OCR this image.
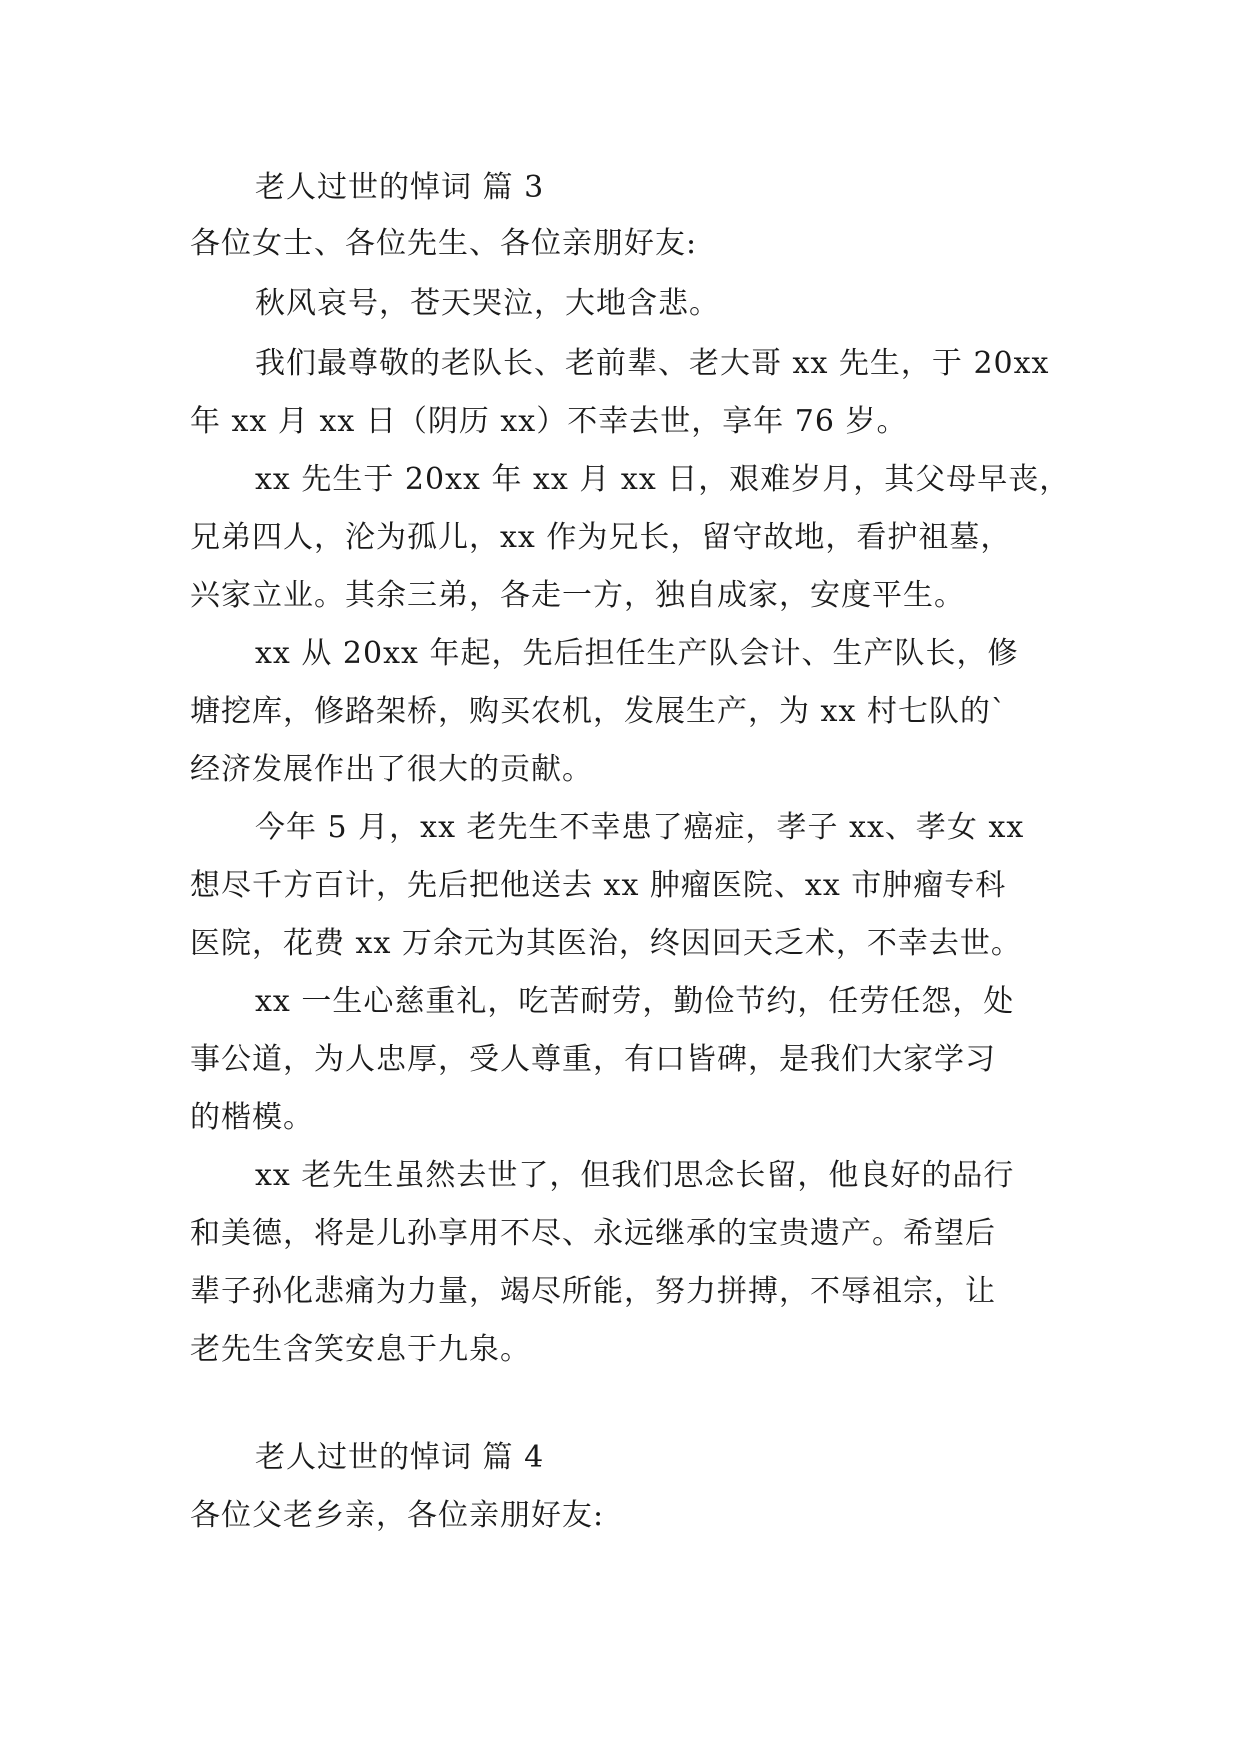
老人过世的悼词 篇 3
各位女士、各位先生、各位亲朋好友:
秋风哀号，苍天哭泣，大地含悲。
我们最尊敬的老队长、老前辈、老大哥 xx 先生，于 20xx
年 xx 月 xx 日（阴历 xx）不幸去世，享年 76 岁。
xx 先生于 20xx 年 xx 月 xx 日，艰难岁月，其父母早丧，
兄弟四人，沦为孤儿，xx 作为兄长，留守故地，看护祖墓，
兴家立业。其余三弟，各走一方，独自成家，安度平生。
xx 从 20xx 年起，先后担任生产队会计、生产队长，修
塘挖库，修路架桥，购买农机，发展生产，为 xx 村七队的`
经济发展作出了很大的贡献。
今年 5 月，xx 老先生不幸患了癌症，孝子 xx、孝女 xx
想尽千方百计，先后把他送去 xx 肿瘤医院、xx 市肿瘤专科
医院，花费 xx 万余元为其医治，终因回天乏术，不幸去世。
xx 一生心慈重礼，吃苦耐劳，勤俭节约，任劳任怨，处
事公道，为人忠厚，受人尊重，有口皆碑，是我们大家学习
的楷模。
xx 老先生虽然去世了，但我们思念长留，他良好的品行
和美德，将是儿孙享用不尽、永远继承的宝贵遗产。希望后
辈子孙化悲痛为力量，竭尽所能，努力拼搏，不辱祖宗，让
老先生含笑安息于九泉。
老人过世的悼词 篇 4
各位父老乡亲，各位亲朋好友:
